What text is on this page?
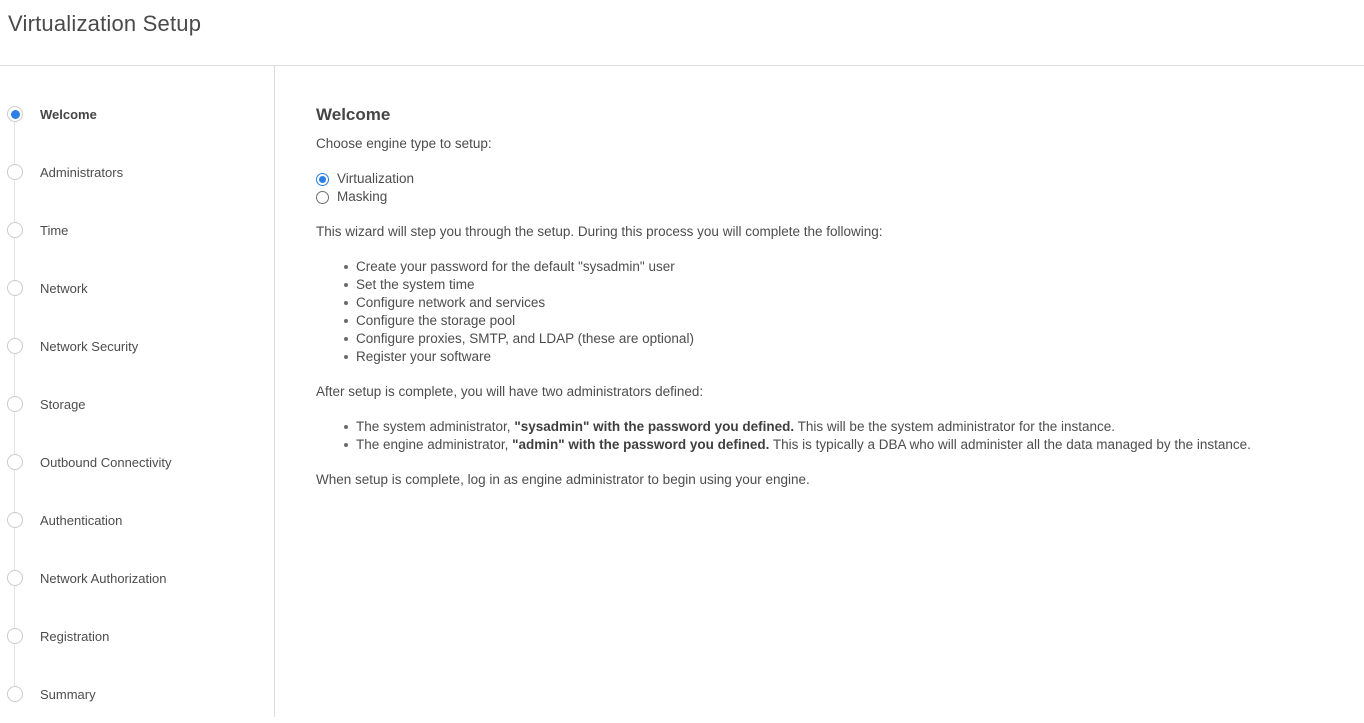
Virtualization Setup
Welcome
Administrators
Time
Network
Network Security
Storage
Outbound Connectivity
Authentication
Network Authorization
Registration
Summary
Welcome

Choose engine type to setup:

Virtualization
Masking

This wizard will step you through the setup. During this process you will complete the following:

Create your password for the default "sysadmin" user
Set the system time
Configure network and services
Configure the storage pool
Configure proxies, SMTP, and LDAP (these are optional)
Register your software

After setup is complete, you will have two administrators defined:

The system administrator, "sysadmin" with the password you defined. This will be the system administrator for the instance.
The engine administrator, "admin" with the password you defined. This is typically a DBA who will administer all the data managed by the instance.

When setup is complete, log in as engine administrator to begin using your engine.
